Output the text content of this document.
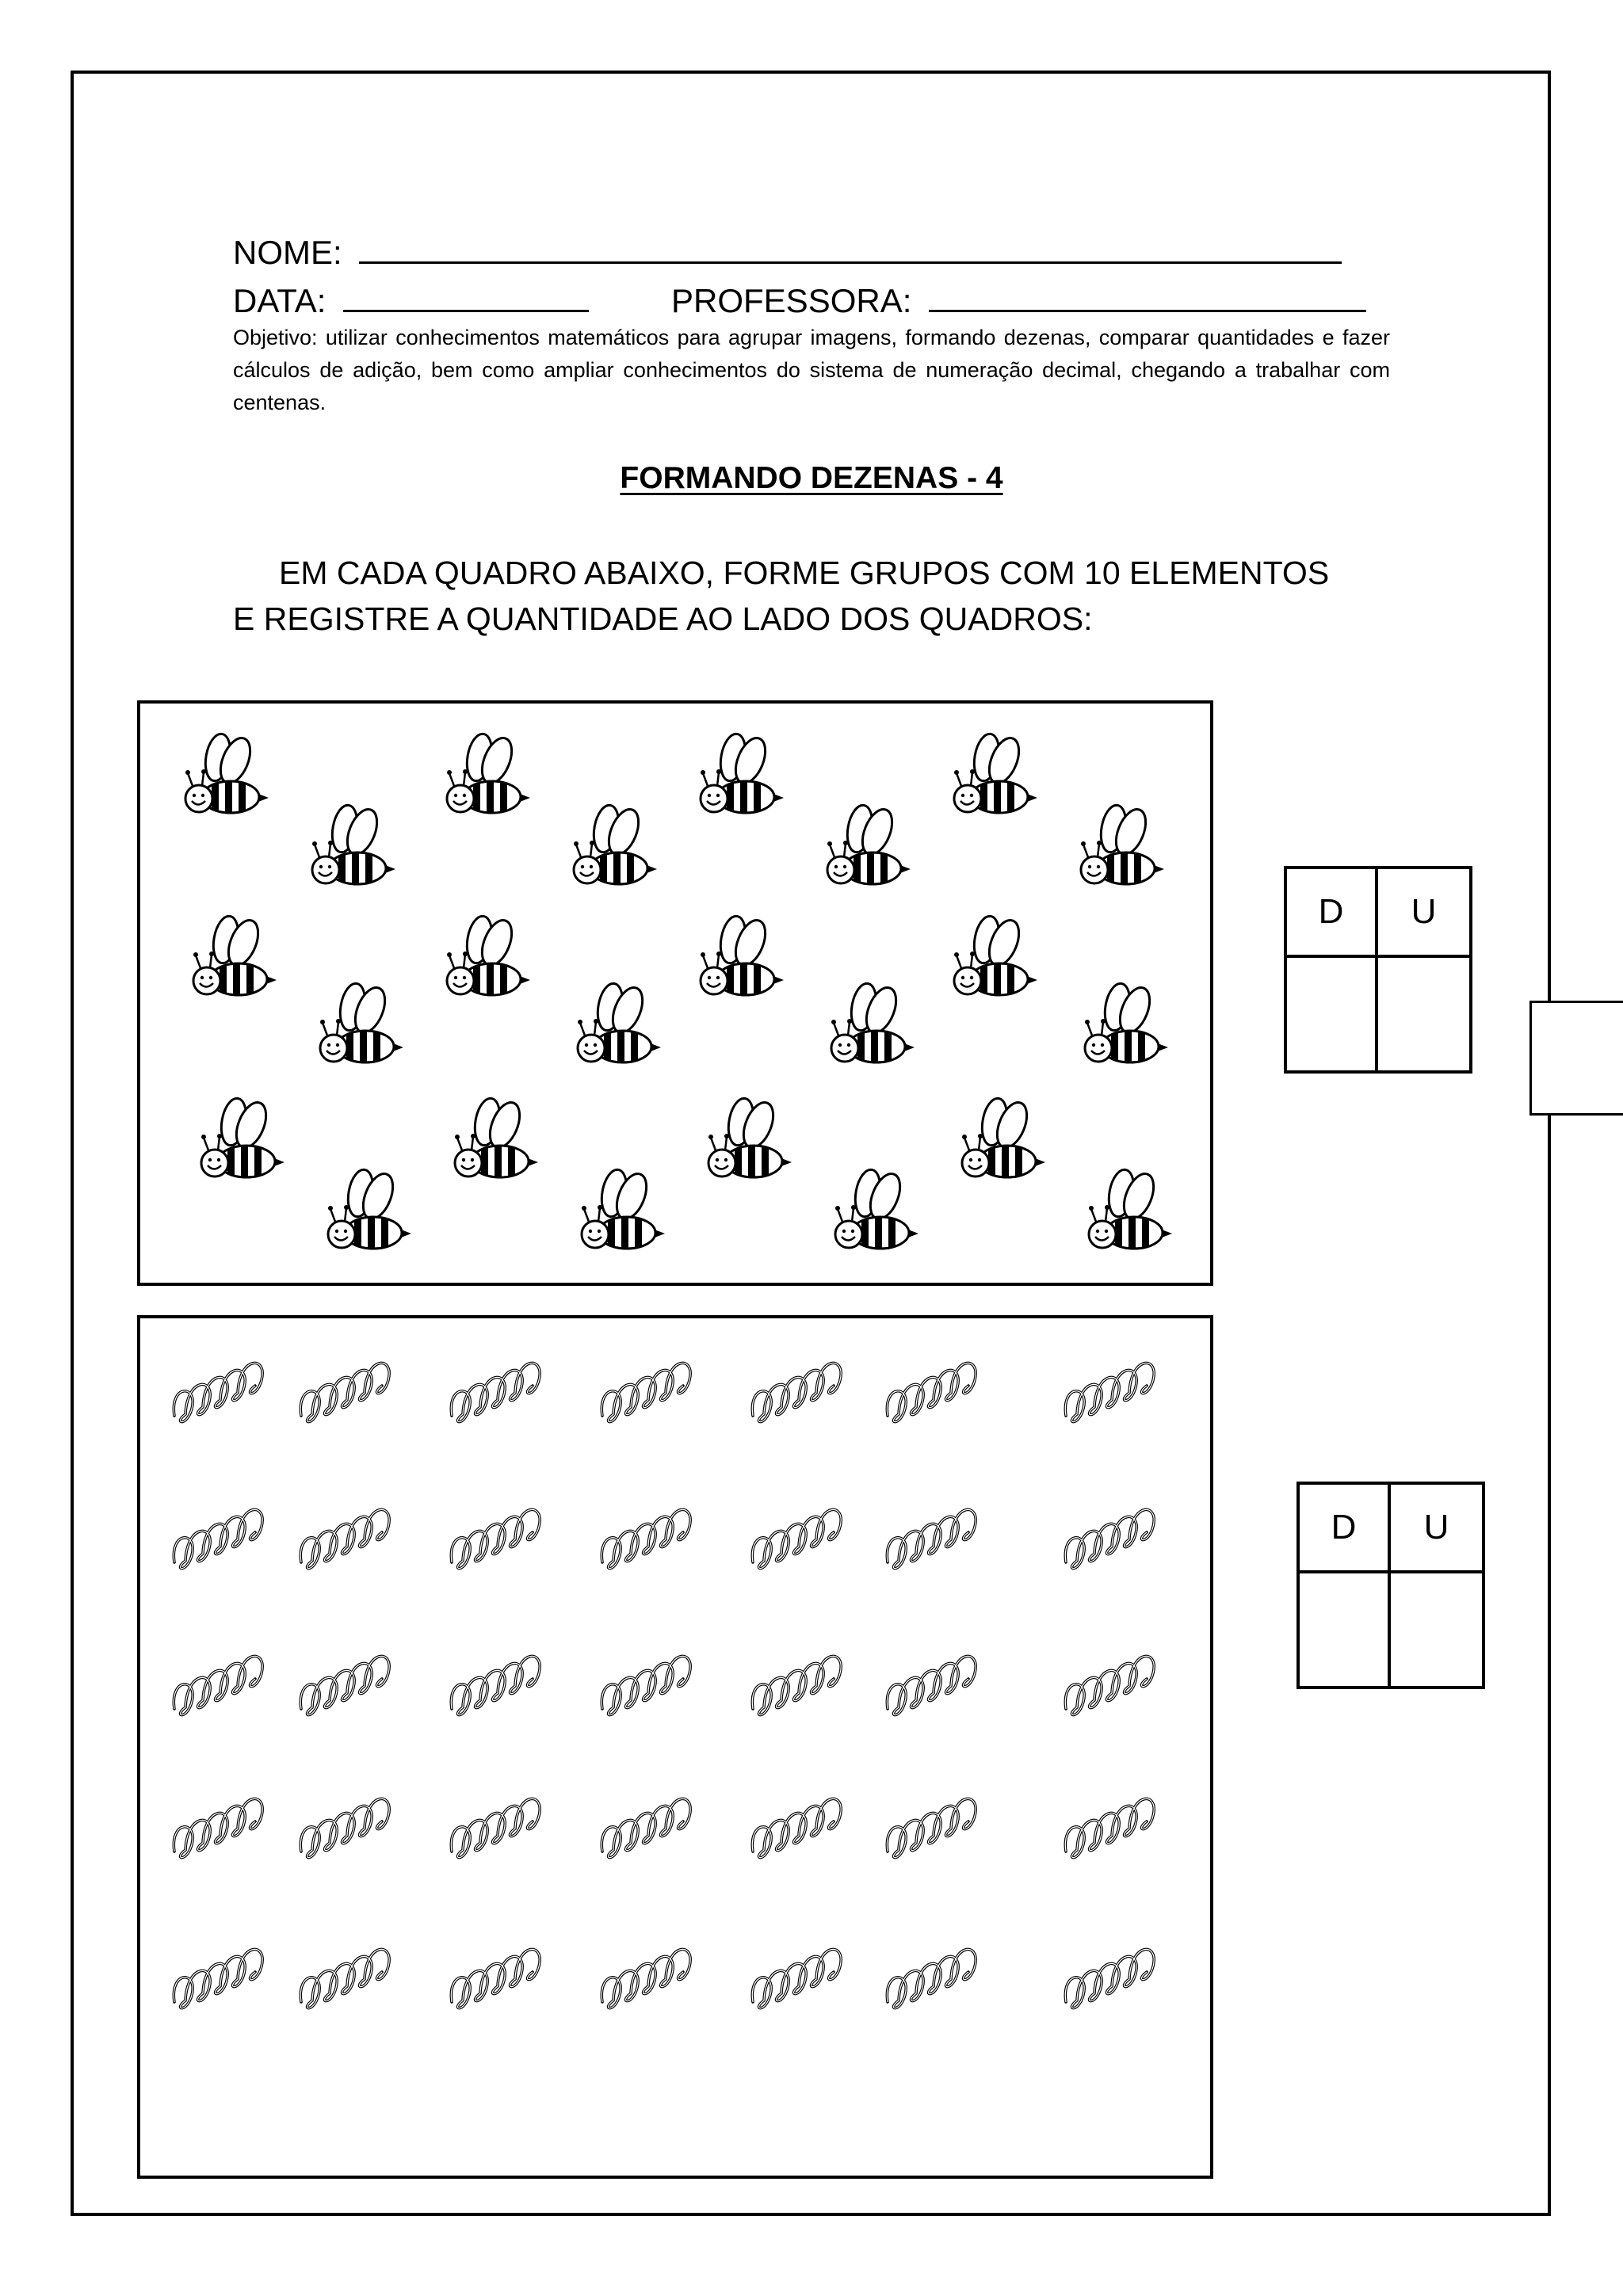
NOME:
DATA:	PROFESSORA:
Objetivo: utilizar conhecimentos matemáticos para agrupar imagens, formando dezenas, comparar quantidades e fazer cálculos de adição, bem como ampliar conhecimentos do sistema de numeração decimal, chegando a trabalhar com centenas.
FORMANDO DEZENAS - 4
EM CADA QUADRO ABAIXO, FORME GRUPOS COM 10 ELEMENTOS
E REGISTRE A QUANTIDADE AO LADO DOS QUADROS:
D	U
D	U
